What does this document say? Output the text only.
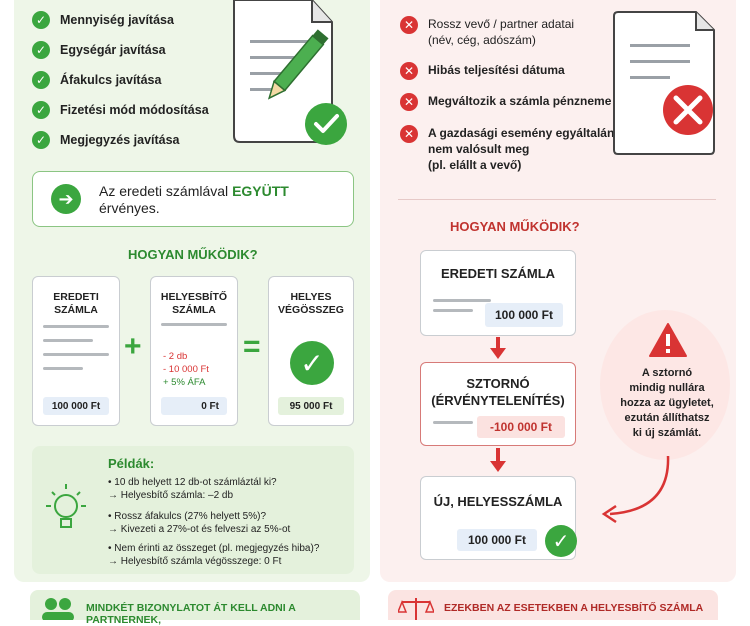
✓	Mennyiség javítása
✓	Egységár javítása
✓	Áfakulcs javítása
✓	Fizetési mód módosítása
✓	Megjegyzés javítása
➔	Az eredeti számlával EGYÜTT
érvényes.
HOGYAN MŰKÖDIK?
EREDETI
SZÁMLA
100 000 Ft
+
HELYESBÍTŐ
SZÁMLA
- 2 db
- 10 000 Ft
+ 5% ÁFA
0 Ft
=
HELYES
VÉGÖSSZEG
✓
95 000 Ft
Példák:
• 10 db helyett 12 db-ot számláztál ki?
→ Helyesbítő számla: –2 db
• Rossz áfakulcs (27% helyett 5%)?
→ Kivezeti a 27%-ot és felveszi az 5%-ot
• Nem érinti az összeget (pl. megjegyzés hiba)?
→ Helyesbítő számla végösszege: 0 Ft
MINDKÉT BIZONYLATOT ÁT KELL ADNI A PARTNERNEK,
✕	Rossz vevő / partner adatai
(név, cég, adószám)
✕	Hibás teljesítési dátuma
✕	Megváltozik a számla pénzneme
✕	A gazdasági esemény egyáltalán
nem valósult meg
(pl. elállt a vevő)
HOGYAN MŰKÖDIK?
EREDETI SZÁMLA
100 000 Ft
SZTORNÓ
(ÉRVÉNYTELENÍTÉS)
-100 000 Ft
ÚJ, HELYESSZÁMLA
100 000 Ft	✓
A sztornó
mindig nullára
hozza az ügyletet,
ezután állíthatsz
ki új számlát.
EZEKBEN AZ ESETEKBEN A HELYESBÍTŐ SZÁMLA
